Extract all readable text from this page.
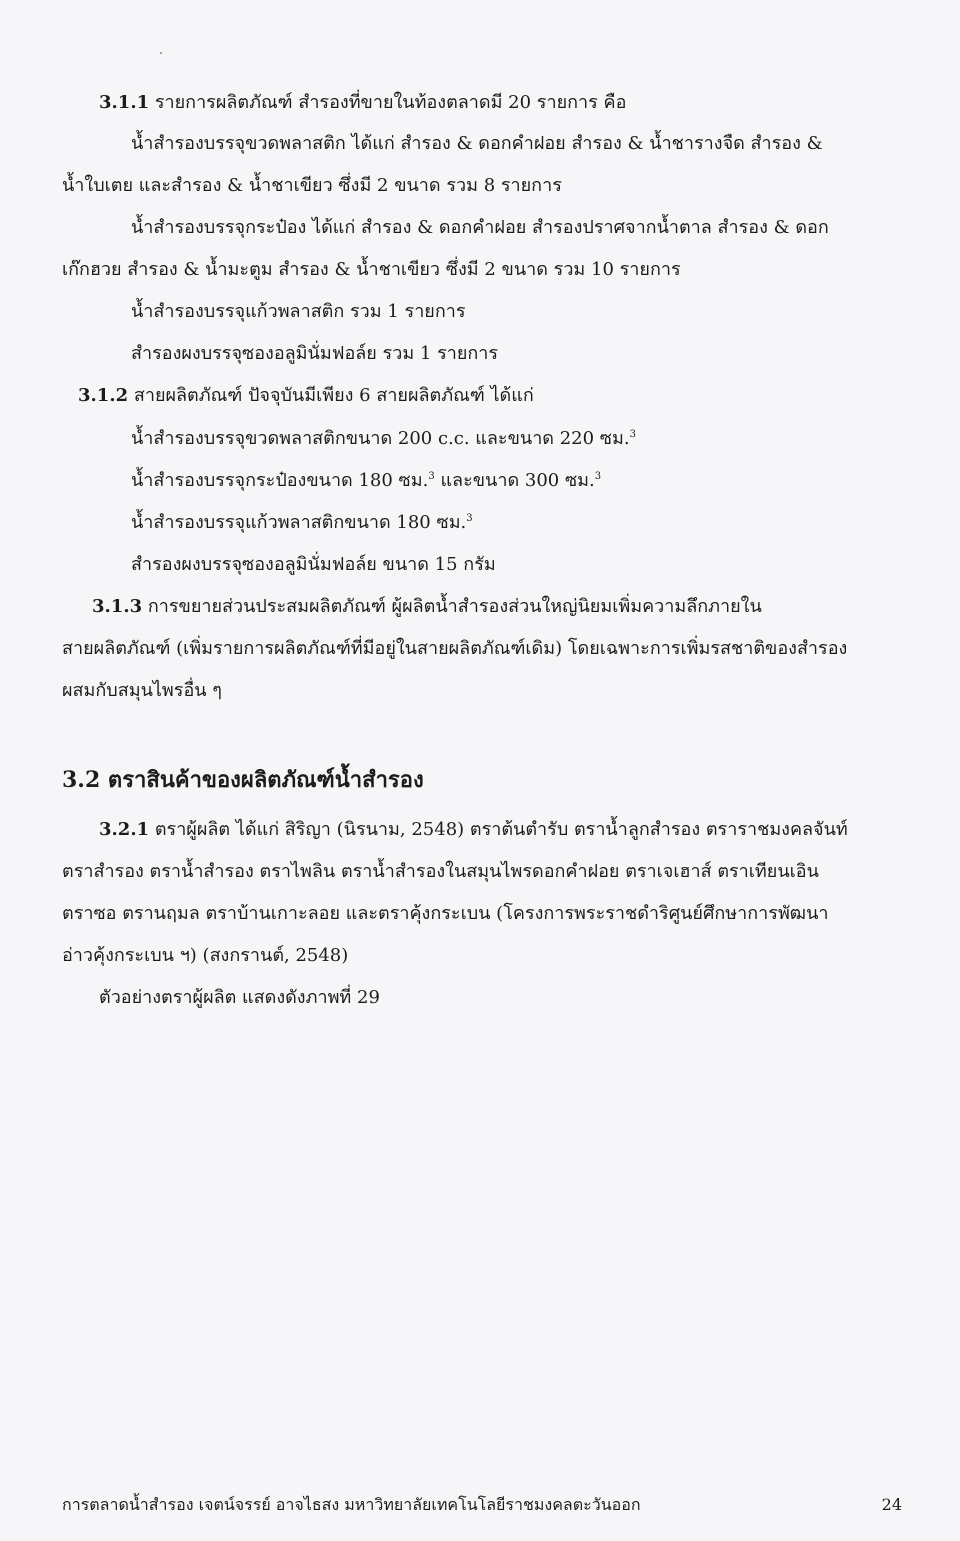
3.1.1 รายการผลิตภัณฑ์ สำรองที่ขายในท้องตลาดมี 20 รายการ คือ
น้ำสำรองบรรจุขวดพลาสติก ได้แก่ สำรอง & ดอกคำฝอย สำรอง & น้ำชารางจืด สำรอง &
น้ำใบเตย และสำรอง & น้ำชาเขียว ซึ่งมี 2 ขนาด รวม 8 รายการ
น้ำสำรองบรรจุกระป๋อง ได้แก่ สำรอง & ดอกคำฝอย สำรองปราศจากน้ำตาล สำรอง & ดอก
เก๊กฮวย สำรอง & น้ำมะตูม สำรอง & น้ำชาเขียว ซึ่งมี 2 ขนาด รวม 10 รายการ
น้ำสำรองบรรจุแก้วพลาสติก รวม 1 รายการ
สำรองผงบรรจุซองอลูมินั่มฟอล์ย รวม 1 รายการ
3.1.2 สายผลิตภัณฑ์ ปัจจุบันมีเพียง 6 สายผลิตภัณฑ์ ได้แก่
น้ำสำรองบรรจุขวดพลาสติกขนาด 200 c.c. และขนาด 220 ซม.$^3$
น้ำสำรองบรรจุกระป๋องขนาด 180 ซม.$^3$ และขนาด 300 ซม.$^3$
น้ำสำรองบรรจุแก้วพลาสติกขนาด 180 ซม.$^3$
สำรองผงบรรจุซองอลูมินั่มฟอล์ย ขนาด 15 กรัม
3.1.3 การขยายส่วนประสมผลิตภัณฑ์ ผู้ผลิตน้ำสำรองส่วนใหญ่นิยมเพิ่มความลึกภายใน
สายผลิตภัณฑ์ (เพิ่มรายการผลิตภัณฑ์ที่มีอยู่ในสายผลิตภัณฑ์เดิม) โดยเฉพาะการเพิ่มรสชาติของสำรอง
ผสมกับสมุนไพรอื่น ๆ
3.2 ตราสินค้าของผลิตภัณฑ์น้ำสำรอง
3.2.1 ตราผู้ผลิต ได้แก่ สิริญา (นิรนาม, 2548) ตราต้นตำรับ ตราน้ำลูกสำรอง ตราราชมงคลจันท์
ตราสำรอง ตราน้ำสำรอง ตราไพลิน ตราน้ำสำรองในสมุนไพรดอกคำฝอย ตราเจเฮาส์ ตราเทียนเอิน
ตราซอ ตรานฤมล ตราบ้านเกาะลอย และตราคุ้งกระเบน (โครงการพระราชดำริศูนย์ศึกษาการพัฒนา
อ่าวคุ้งกระเบน ฯ) (สงกรานต์, 2548)
ตัวอย่างตราผู้ผลิต แสดงดังภาพที่ 29
การตลาดน้ำสำรอง เจตน์จรรย์ อาจไธสง มหาวิทยาลัยเทคโนโลยีราชมงคลตะวันออก	24
